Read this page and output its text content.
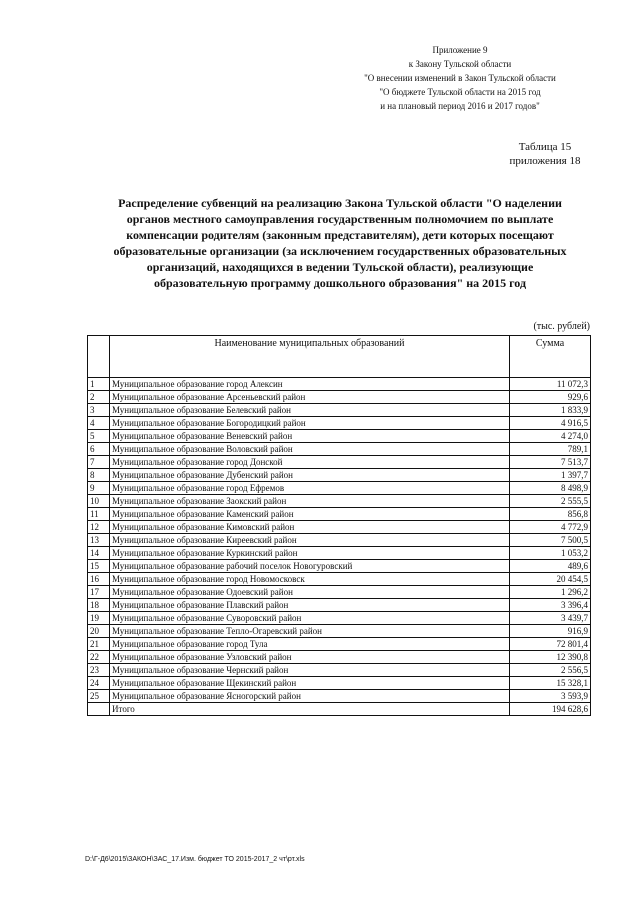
Приложение 9
к Закону Тульской области
"О внесении изменений в Закон Тульской области
"О бюджете Тульской области на 2015 год
и на плановый период 2016 и 2017 годов"
Таблица 15
приложения 18
Распределение субвенций на реализацию Закона Тульской области "О наделении
органов местного самоуправления государственным полномочием по выплате
компенсации родителям (законным представителям), дети которых посещают
образовательные организации (за исключением государственных образовательных
организаций, находящихся в ведении Тульской области), реализующие
образовательную программу дошкольного образования" на 2015 год
(тыс. рублей)
	Наименование муниципальных образований	Сумма
1	Муниципальное образование город Алексин	11 072,3
2	Муниципальное образование Арсеньевский район	929,6
3	Муниципальное образование Белевский район	1 833,9
4	Муниципальное образование Богородицкий район	4 916,5
5	Муниципальное образование Веневский район	4 274,0
6	Муниципальное образование Воловский район	789,1
7	Муниципальное образование город Донской	7 513,7
8	Муниципальное образование Дубенский район	1 397,7
9	Муниципальное образование город Ефремов	8 498,9
10	Муниципальное образование Заокский район	2 555,5
11	Муниципальное образование Каменский район	856,8
12	Муниципальное образование Кимовский район	4 772,9
13	Муниципальное образование Киреевский район	7 500,5
14	Муниципальное образование Куркинский район	1 053,2
15	Муниципальное образование рабочий поселок Новогуровский	489,6
16	Муниципальное образование город Новомосковск	20 454,5
17	Муниципальное образование Одоевский район	1 296,2
18	Муниципальное образование Плавский район	3 396,4
19	Муниципальное образование Суворовский район	3 439,7
20	Муниципальное образование Тепло-Огаревский район	916,9
21	Муниципальное образование город Тула	72 801,4
22	Муниципальное образование Узловский район	12 390,8
23	Муниципальное образование Чернский район	2 556,5
24	Муниципальное образование Щекинский район	15 328,1
25	Муниципальное образование Ясногорский район	3 593,9
	Итого	194 628,6
D:\Г-Д6\2015\ЗАКОН\ЗАС_17.Изм. бюджет ТО 2015-2017_2 чт\рт.xls
